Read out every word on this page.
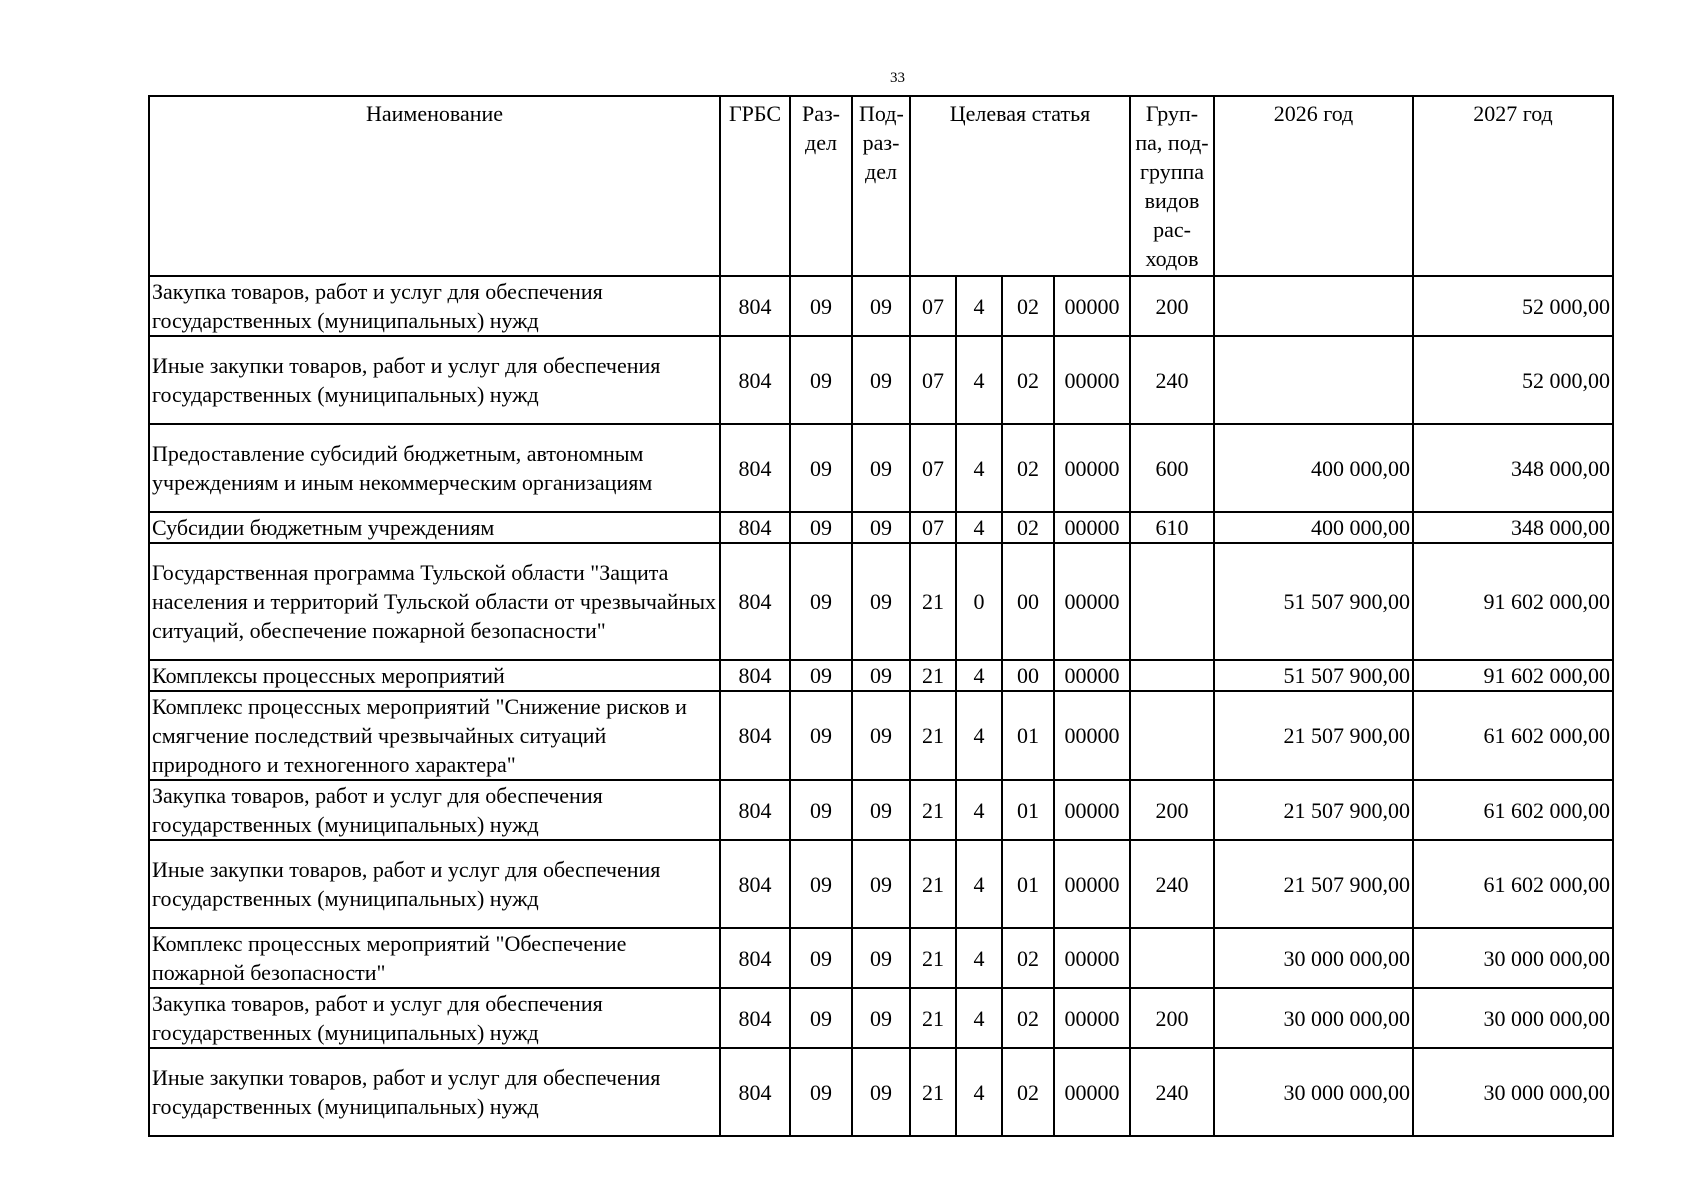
33
Наименование	ГРБС	Раз- дел	Под- раз- дел	Целевая статья				Груп- па, под- группа видов рас- ходов	2026 год	2027 год
Закупка товаров, работ и услуг для обеспечения государственных (муниципальных) нужд	804	09	09	07	4	02	00000	200		52 000,00
Иные закупки товаров, работ и услуг для обеспечения государственных (муниципальных) нужд	804	09	09	07	4	02	00000	240		52 000,00
Предоставление субсидий бюджетным, автономным учреждениям и иным некоммерческим организациям	804	09	09	07	4	02	00000	600	400 000,00	348 000,00
Субсидии бюджетным учреждениям	804	09	09	07	4	02	00000	610	400 000,00	348 000,00
Государственная программа Тульской области "Защита населения и территорий Тульской области от чрезвычайных ситуаций, обеспечение пожарной безопасности"	804	09	09	21	0	00	00000		51 507 900,00	91 602 000,00
Комплексы процессных мероприятий	804	09	09	21	4	00	00000		51 507 900,00	91 602 000,00
Комплекс процессных мероприятий "Снижение рисков и смягчение последствий чрезвычайных ситуаций природного и техногенного характера"	804	09	09	21	4	01	00000		21 507 900,00	61 602 000,00
Закупка товаров, работ и услуг для обеспечения государственных (муниципальных) нужд	804	09	09	21	4	01	00000	200	21 507 900,00	61 602 000,00
Иные закупки товаров, работ и услуг для обеспечения государственных (муниципальных) нужд	804	09	09	21	4	01	00000	240	21 507 900,00	61 602 000,00
Комплекс процессных мероприятий "Обеспечение пожарной безопасности"	804	09	09	21	4	02	00000		30 000 000,00	30 000 000,00
Закупка товаров, работ и услуг для обеспечения государственных (муниципальных) нужд	804	09	09	21	4	02	00000	200	30 000 000,00	30 000 000,00
Иные закупки товаров, работ и услуг для обеспечения государственных (муниципальных) нужд	804	09	09	21	4	02	00000	240	30 000 000,00	30 000 000,00
